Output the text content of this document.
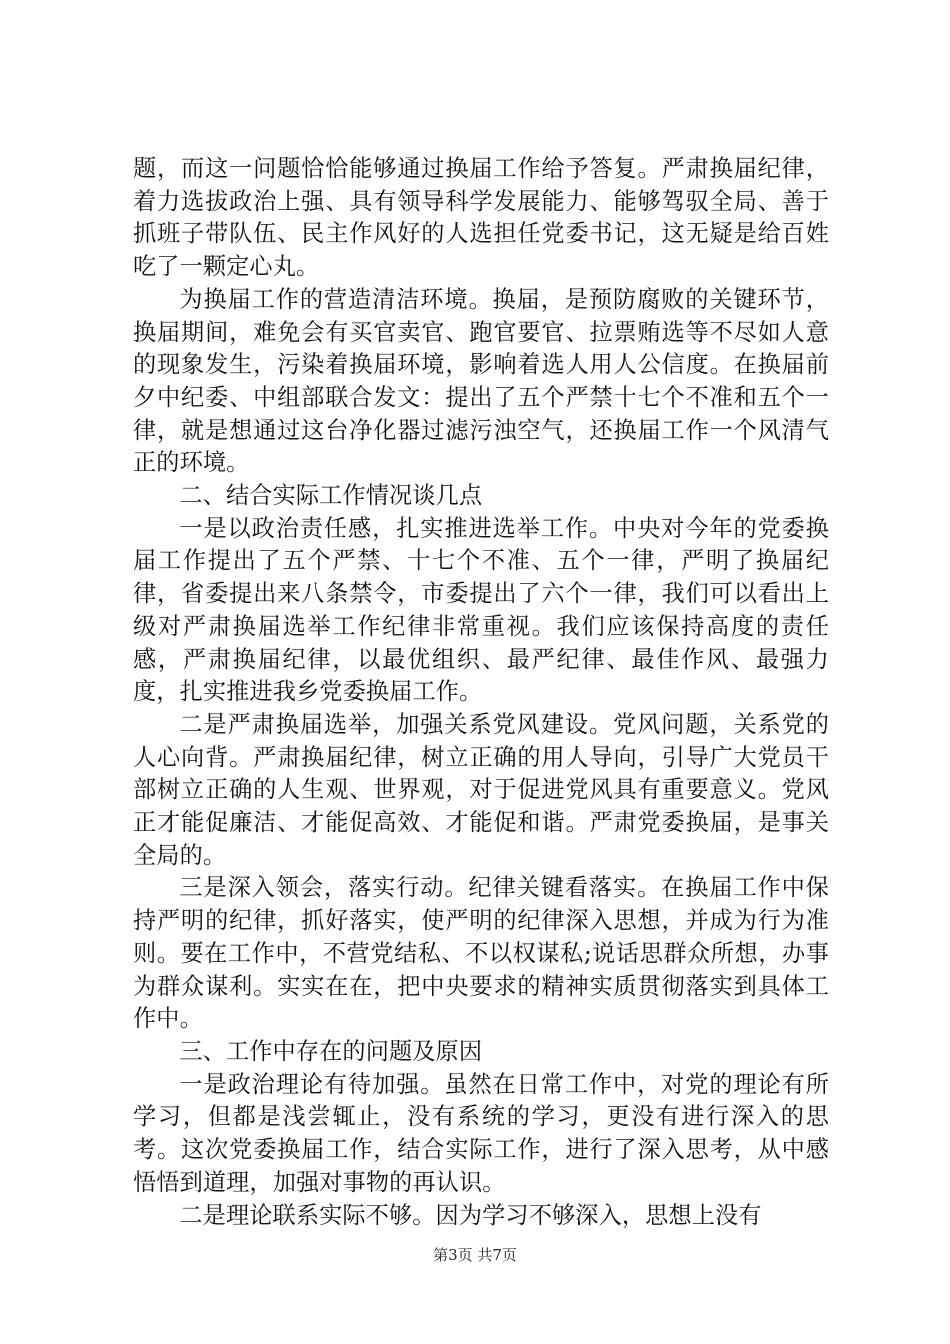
题，而这一问题恰恰能够通过换届工作给予答复。严肃换届纪律，着力选拔政治上强、具有领导科学发展能力、能够驾驭全局、善于抓班子带队伍、民主作风好的人选担任党委书记，这无疑是给百姓吃了一颗定心丸。

为换届工作的营造清洁环境。换届，是预防腐败的关键环节，换届期间，难免会有买官卖官、跑官要官、拉票贿选等不尽如人意的现象发生，污染着换届环境，影响着选人用人公信度。在换届前夕中纪委、中组部联合发文：提出了五个严禁十七个不准和五个一律，就是想通过这台净化器过滤污浊空气，还换届工作一个风清气正的环境。

二、结合实际工作情况谈几点

一是以政治责任感，扎实推进选举工作。中央对今年的党委换届工作提出了五个严禁、十七个不准、五个一律，严明了换届纪律，省委提出来八条禁令，市委提出了六个一律，我们可以看出上级对严肃换届选举工作纪律非常重视。我们应该保持高度的责任感，严肃换届纪律，以最优组织、最严纪律、最佳作风、最强力度，扎实推进我乡党委换届工作。

二是严肃换届选举，加强关系党风建设。党风问题，关系党的人心向背。严肃换届纪律，树立正确的用人导向，引导广大党员干部树立正确的人生观、世界观，对于促进党风具有重要意义。党风正才能促廉洁、才能促高效、才能促和谐。严肃党委换届，是事关全局的。

三是深入领会，落实行动。纪律关键看落实。在换届工作中保持严明的纪律，抓好落实，使严明的纪律深入思想，并成为行为准则。要在工作中，不营党结私、不以权谋私;说话思群众所想，办事为群众谋利。实实在在，把中央要求的精神实质贯彻落实到具体工作中。

三、工作中存在的问题及原因

一是政治理论有待加强。虽然在日常工作中，对党的理论有所学习，但都是浅尝辄止，没有系统的学习，更没有进行深入的思考。这次党委换届工作，结合实际工作，进行了深入思考，从中感悟悟到道理，加强对事物的再认识。

二是理论联系实际不够。因为学习不够深入，思想上没有

第3页 共7页
